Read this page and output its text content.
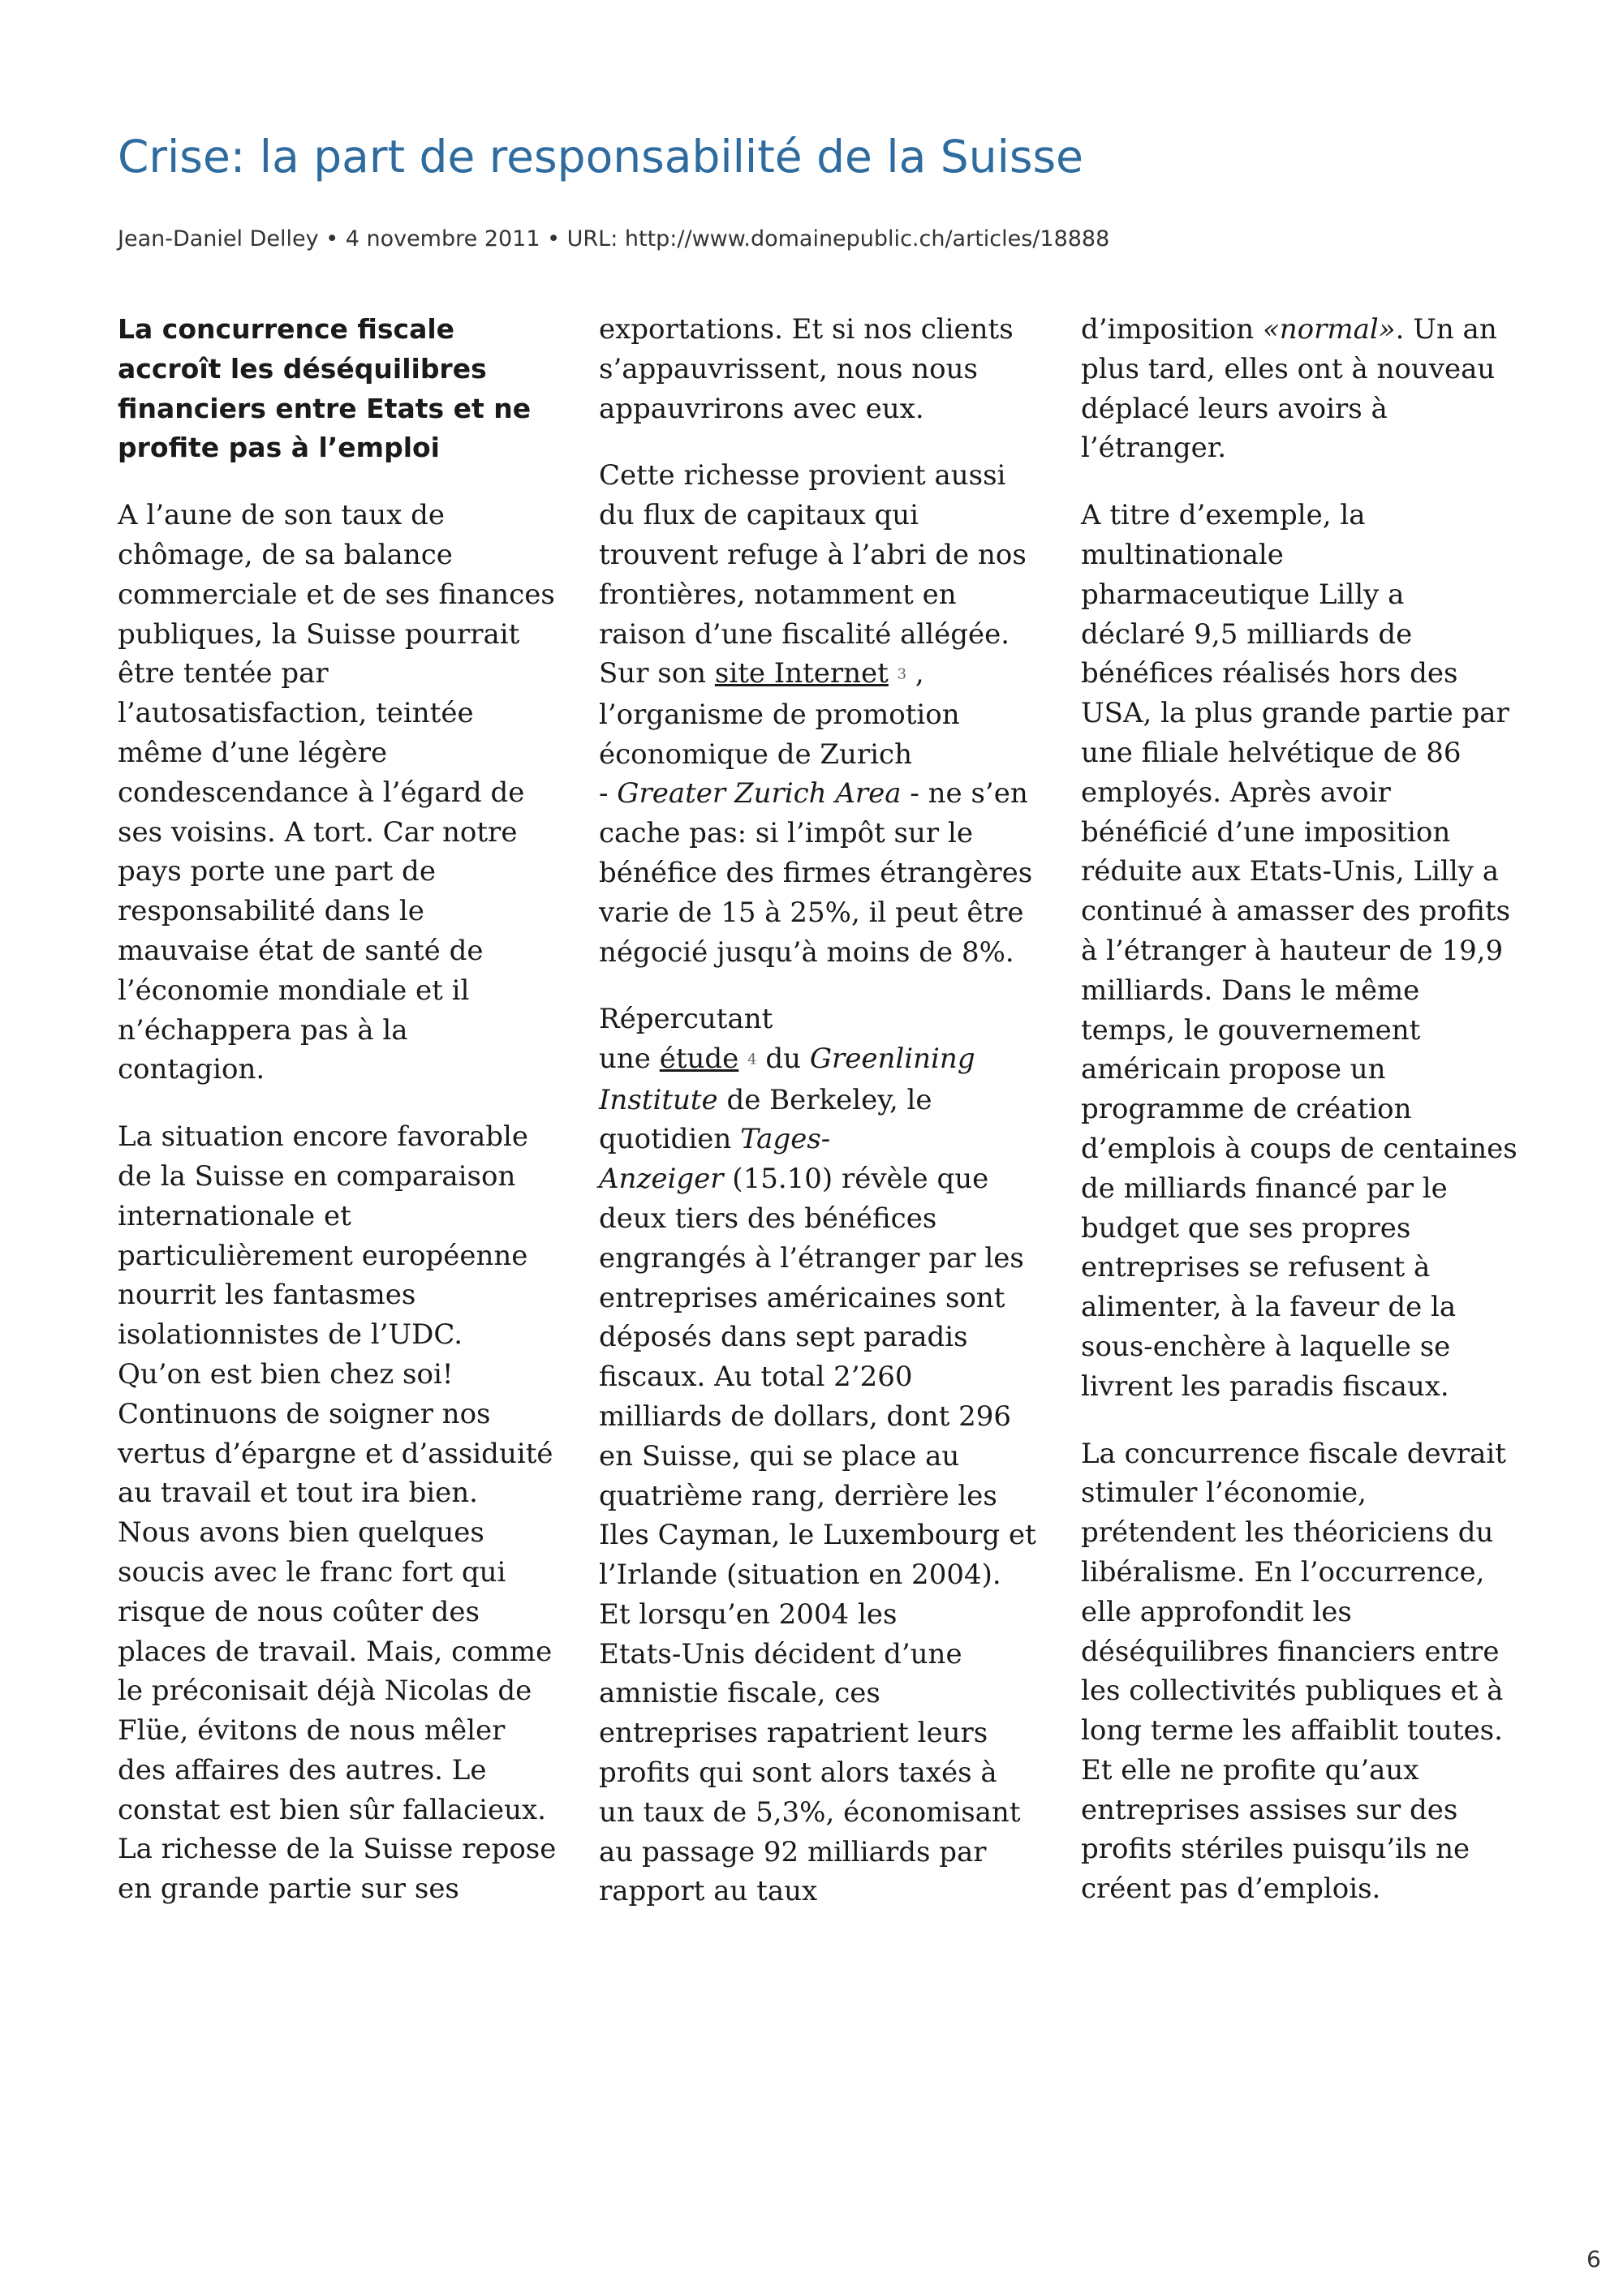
Crise: la part de responsabilité de la Suisse
Jean-Daniel Delley • 4 novembre 2011 • URL: http://www.domainepublic.ch/articles/18888
La concurrence fiscale
accroît les déséquilibres
financiers entre Etats et ne
profite pas à l’emploi

A l’aune de son taux de
chômage, de sa balance
commerciale et de ses finances
publiques, la Suisse pourrait
être tentée par
l’autosatisfaction, teintée
même d’une légère
condescendance à l’égard de
ses voisins. A tort. Car notre
pays porte une part de
responsabilité dans le
mauvaise état de santé de
l’économie mondiale et il
n’échappera pas à la
contagion.

La situation encore favorable
de la Suisse en comparaison
internationale et
particulièrement européenne
nourrit les fantasmes
isolationnistes de l’UDC.
Qu’on est bien chez soi!
Continuons de soigner nos
vertus d’épargne et d’assiduité
au travail et tout ira bien.
Nous avons bien quelques
soucis avec le franc fort qui
risque de nous coûter des
places de travail. Mais, comme
le préconisait déjà Nicolas de
Flüe, évitons de nous mêler
des affaires des autres. Le
constat est bien sûr fallacieux.
La richesse de la Suisse repose
en grande partie sur ses

exportations. Et si nos clients
s’appauvrissent, nous nous
appauvrirons avec eux.

Cette richesse provient aussi
du flux de capitaux qui
trouvent refuge à l’abri de nos
frontières, notamment en
raison d’une fiscalité allégée.
Sur son site Internet 3 ,
l’organisme de promotion
économique de Zurich
- Greater Zurich Area - ne s’en
cache pas: si l’impôt sur le
bénéfice des firmes étrangères
varie de 15 à 25%, il peut être
négocié jusqu’à moins de 8%.

Répercutant
une étude 4 du Greenlining
Institute de Berkeley, le
quotidien Tages-
Anzeiger (15.10) révèle que
deux tiers des bénéfices
engrangés à l’étranger par les
entreprises américaines sont
déposés dans sept paradis
fiscaux. Au total 2’260
milliards de dollars, dont 296
en Suisse, qui se place au
quatrième rang, derrière les
Iles Cayman, le Luxembourg et
l’Irlande (situation en 2004).
Et lorsqu’en 2004 les
Etats-Unis décident d’une
amnistie fiscale, ces
entreprises rapatrient leurs
profits qui sont alors taxés à
un taux de 5,3%, économisant
au passage 92 milliards par
rapport au taux

d’imposition «normal». Un an
plus tard, elles ont à nouveau
déplacé leurs avoirs à
l’étranger.

A titre d’exemple, la
multinationale
pharmaceutique Lilly a
déclaré 9,5 milliards de
bénéfices réalisés hors des
USA, la plus grande partie par
une filiale helvétique de 86
employés. Après avoir
bénéficié d’une imposition
réduite aux Etats-Unis, Lilly a
continué à amasser des profits
à l’étranger à hauteur de 19,9
milliards. Dans le même
temps, le gouvernement
américain propose un
programme de création
d’emplois à coups de centaines
de milliards financé par le
budget que ses propres
entreprises se refusent à
alimenter, à la faveur de la
sous-enchère à laquelle se
livrent les paradis fiscaux.

La concurrence fiscale devrait
stimuler l’économie,
prétendent les théoriciens du
libéralisme. En l’occurrence,
elle approfondit les
déséquilibres financiers entre
les collectivités publiques et à
long terme les affaiblit toutes.
Et elle ne profite qu’aux
entreprises assises sur des
profits stériles puisqu’ils ne
créent pas d’emplois.

6
